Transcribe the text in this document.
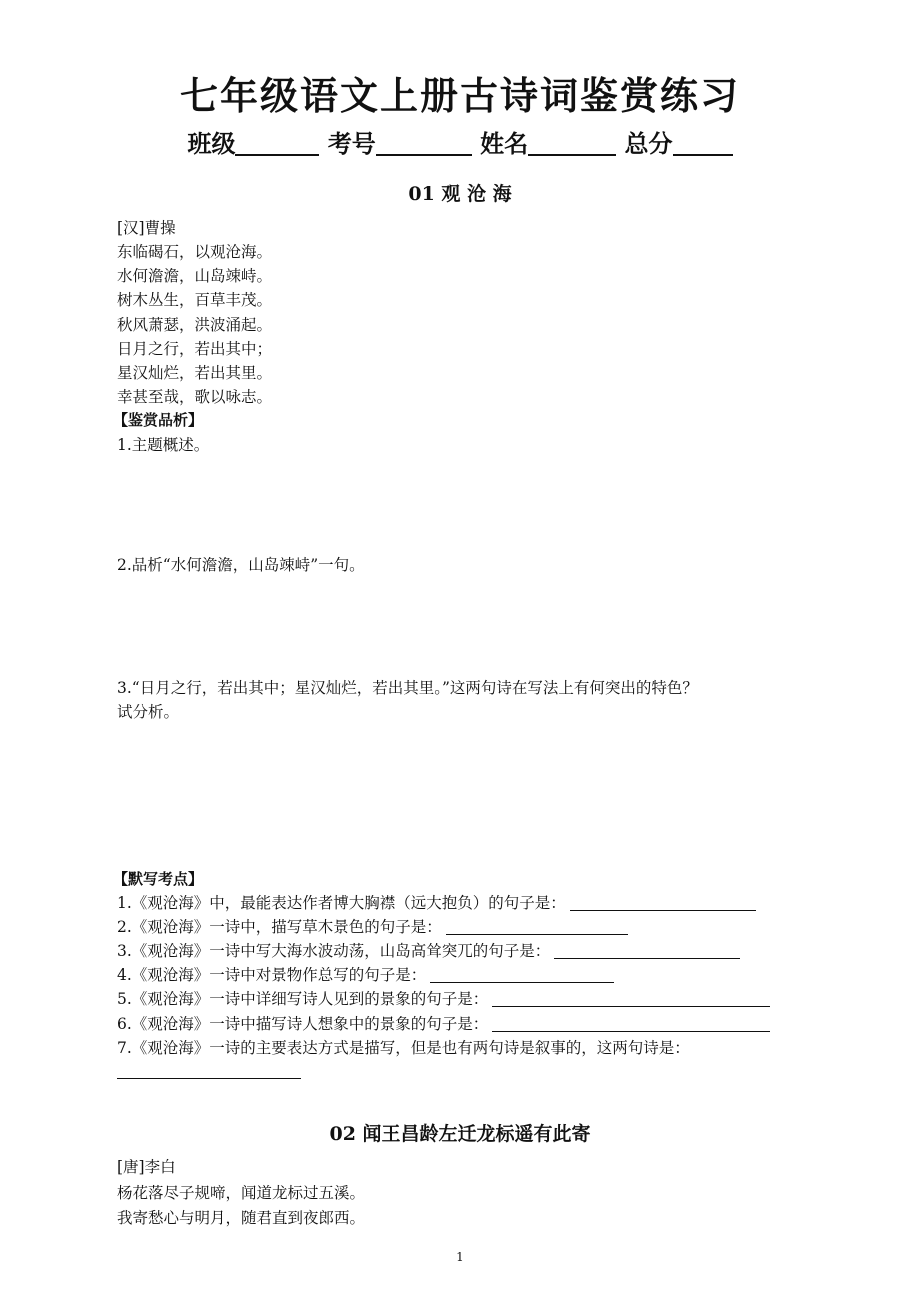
七年级语文上册古诗词鉴赏练习
班级	考号	姓名	总分
01 观 沧 海
[汉]曹操
东临碣石，以观沧海。
水何澹澹，山岛竦峙。
树木丛生，百草丰茂。
秋风萧瑟，洪波涌起。
日月之行，若出其中；
星汉灿烂，若出其里。
幸甚至哉，歌以咏志。
【鉴赏品析】
1.主题概述。
2.品析“水何澹澹，山岛竦峙”一句。
3.“日月之行，若出其中；星汉灿烂，若出其里。”这两句诗在写法上有何突出的特色？
试分析。
【默写考点】
1.《观沧海》中，最能表达作者博大胸襟（远大抱负）的句子是：
2.《观沧海》一诗中，描写草木景色的句子是：
3.《观沧海》一诗中写大海水波动荡，山岛高耸突兀的句子是：
4.《观沧海》一诗中对景物作总写的句子是：
5.《观沧海》一诗中详细写诗人见到的景象的句子是：
6.《观沧海》一诗中描写诗人想象中的景象的句子是：
7.《观沧海》一诗的主要表达方式是描写，但是也有两句诗是叙事的，这两句诗是：
02 闻王昌龄左迁龙标遥有此寄
[唐]李白
杨花落尽子规啼，闻道龙标过五溪。
我寄愁心与明月，随君直到夜郎西。
1
